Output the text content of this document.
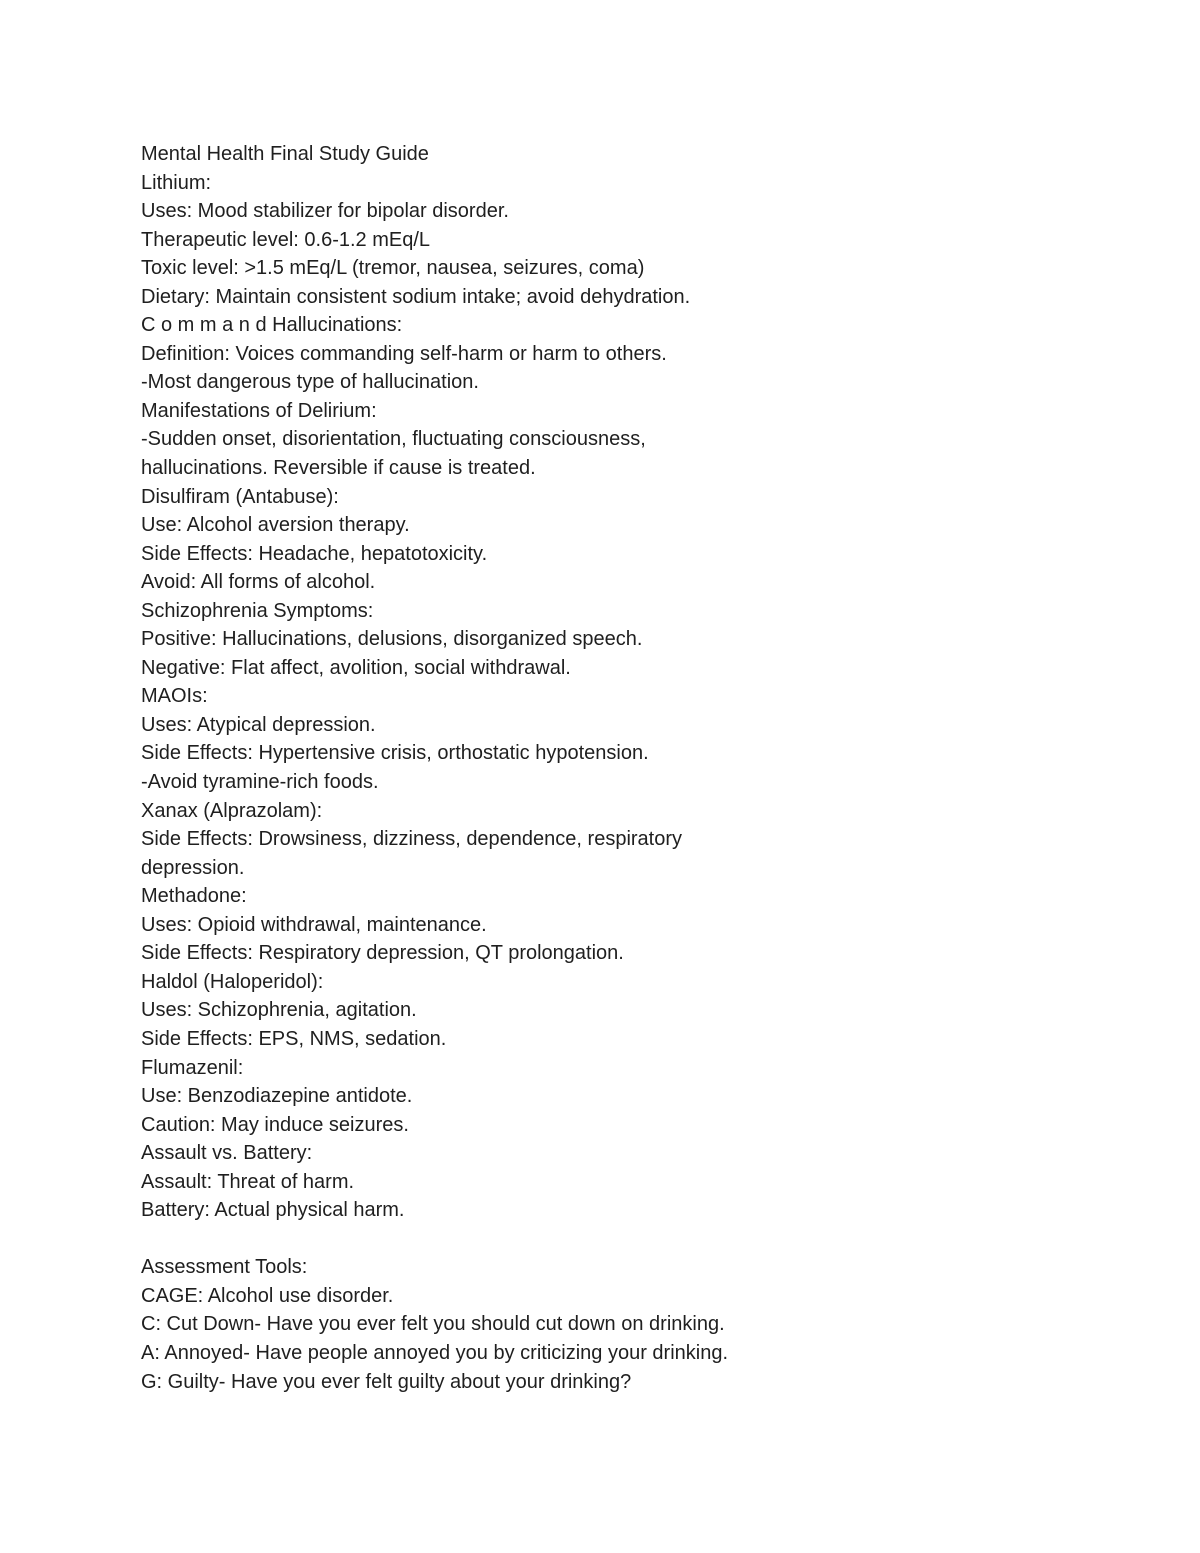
Mental Health Final Study Guide
Lithium:
Uses: Mood stabilizer for bipolar disorder.
Therapeutic level: 0.6-1.2 mEq/L
Toxic level: >1.5 mEq/L (tremor, nausea, seizures, coma)
Dietary: Maintain consistent sodium intake; avoid dehydration.
C o m m a n d Hallucinations:
Definition: Voices commanding self-harm or harm to others.
-Most dangerous type of hallucination.
Manifestations of Delirium:
-Sudden onset, disorientation, fluctuating consciousness,
hallucinations. Reversible if cause is treated.
Disulfiram (Antabuse):
Use: Alcohol aversion therapy.
Side Effects: Headache, hepatotoxicity.
Avoid: All forms of alcohol.
Schizophrenia Symptoms:
Positive: Hallucinations, delusions, disorganized speech.
Negative: Flat affect, avolition, social withdrawal.
MAOIs:
Uses: Atypical depression.
Side Effects: Hypertensive crisis, orthostatic hypotension.
-Avoid tyramine-rich foods.
Xanax (Alprazolam):
Side Effects: Drowsiness, dizziness, dependence, respiratory
depression.
Methadone:
Uses: Opioid withdrawal, maintenance.
Side Effects: Respiratory depression, QT prolongation.
Haldol (Haloperidol):
Uses: Schizophrenia, agitation.
Side Effects: EPS, NMS, sedation.
Flumazenil:
Use: Benzodiazepine antidote.
Caution: May induce seizures.
Assault vs. Battery:
Assault: Threat of harm.
Battery: Actual physical harm.
Assessment Tools:
CAGE: Alcohol use disorder.
C: Cut Down- Have you ever felt you should cut down on drinking.
A: Annoyed- Have people annoyed you by criticizing your drinking.
G: Guilty- Have you ever felt guilty about your drinking?
